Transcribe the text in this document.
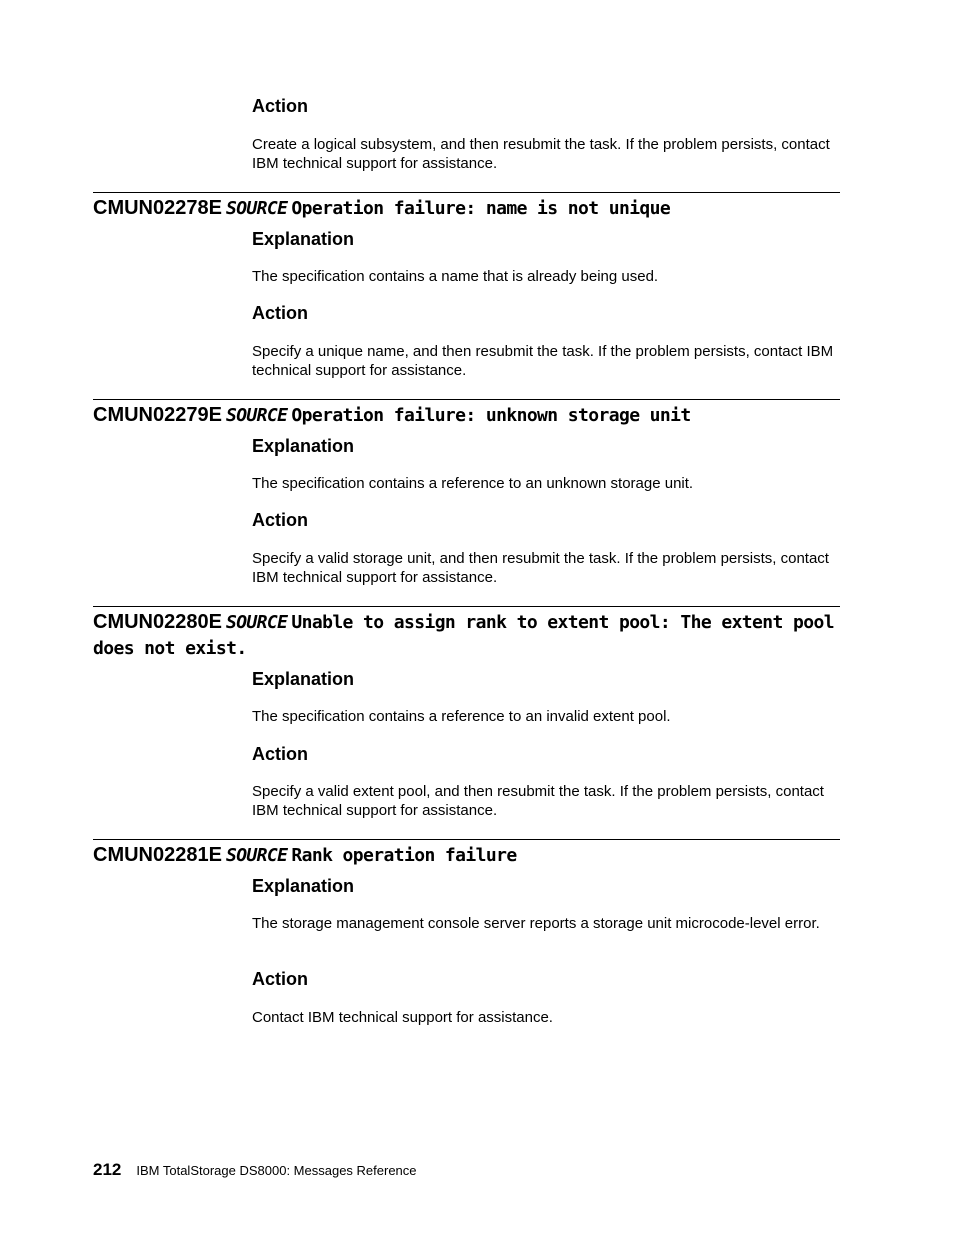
Action

Create a logical subsystem, and then resubmit the task. If the problem persists, contact IBM technical support for assistance.

CMUN02278E SOURCE Operation failure: name is not unique
Explanation

The specification contains a name that is already being used.

Action

Specify a unique name, and then resubmit the task. If the problem persists, contact IBM technical support for assistance.

CMUN02279E SOURCE Operation failure: unknown storage unit
Explanation

The specification contains a reference to an unknown storage unit.

Action

Specify a valid storage unit, and then resubmit the task. If the problem persists, contact IBM technical support for assistance.

CMUN02280E SOURCE Unable to assign rank to extent pool: The extent pool does not exist.
Explanation

The specification contains a reference to an invalid extent pool.

Action

Specify a valid extent pool, and then resubmit the task. If the problem persists, contact IBM technical support for assistance.

CMUN02281E SOURCE Rank operation failure
Explanation

The storage management console server reports a storage unit microcode-level error.

Action

Contact IBM technical support for assistance.

212 IBM TotalStorage DS8000: Messages Reference
